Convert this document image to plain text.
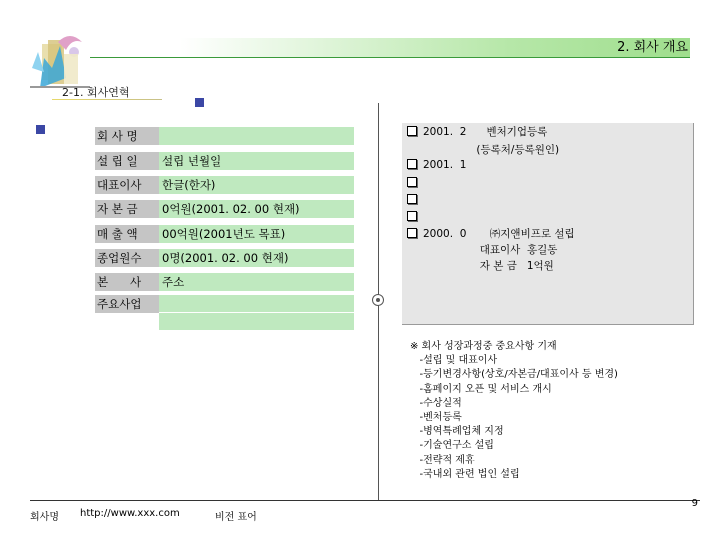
2. 회사 개요
2-1. 회사연혁
회 사 명
설 립 일	설립 년월일
대표이사	한글(한자)
자 본 금	0억원(2001. 02. 00 현재)
매 출 액	00억원(2001년도 목표)
종업원수	0명(2001. 02. 00 현재)
본      사	주소
주요사업
2001.  2      벤처기업등록
(등록처/등록원인)
2001.  1
2000.  0       ㈜지앤비프로 설립
대표이사  홍길동
자 본 금   1억원
※ 회사 성장과정중 중요사항 기재
-설립 및 대표이사
-등기변경사항(상호/자본금/대표이사 등 변경)
-홈페이지 오픈 및 서비스 개시
-수상실적
-벤처등록
-병역특례업체 지정
-기술연구소 설립
-전략적 제휴
-국내외 관련 법인 설립
회사명 http://www.xxx.com	비전 표어
9
